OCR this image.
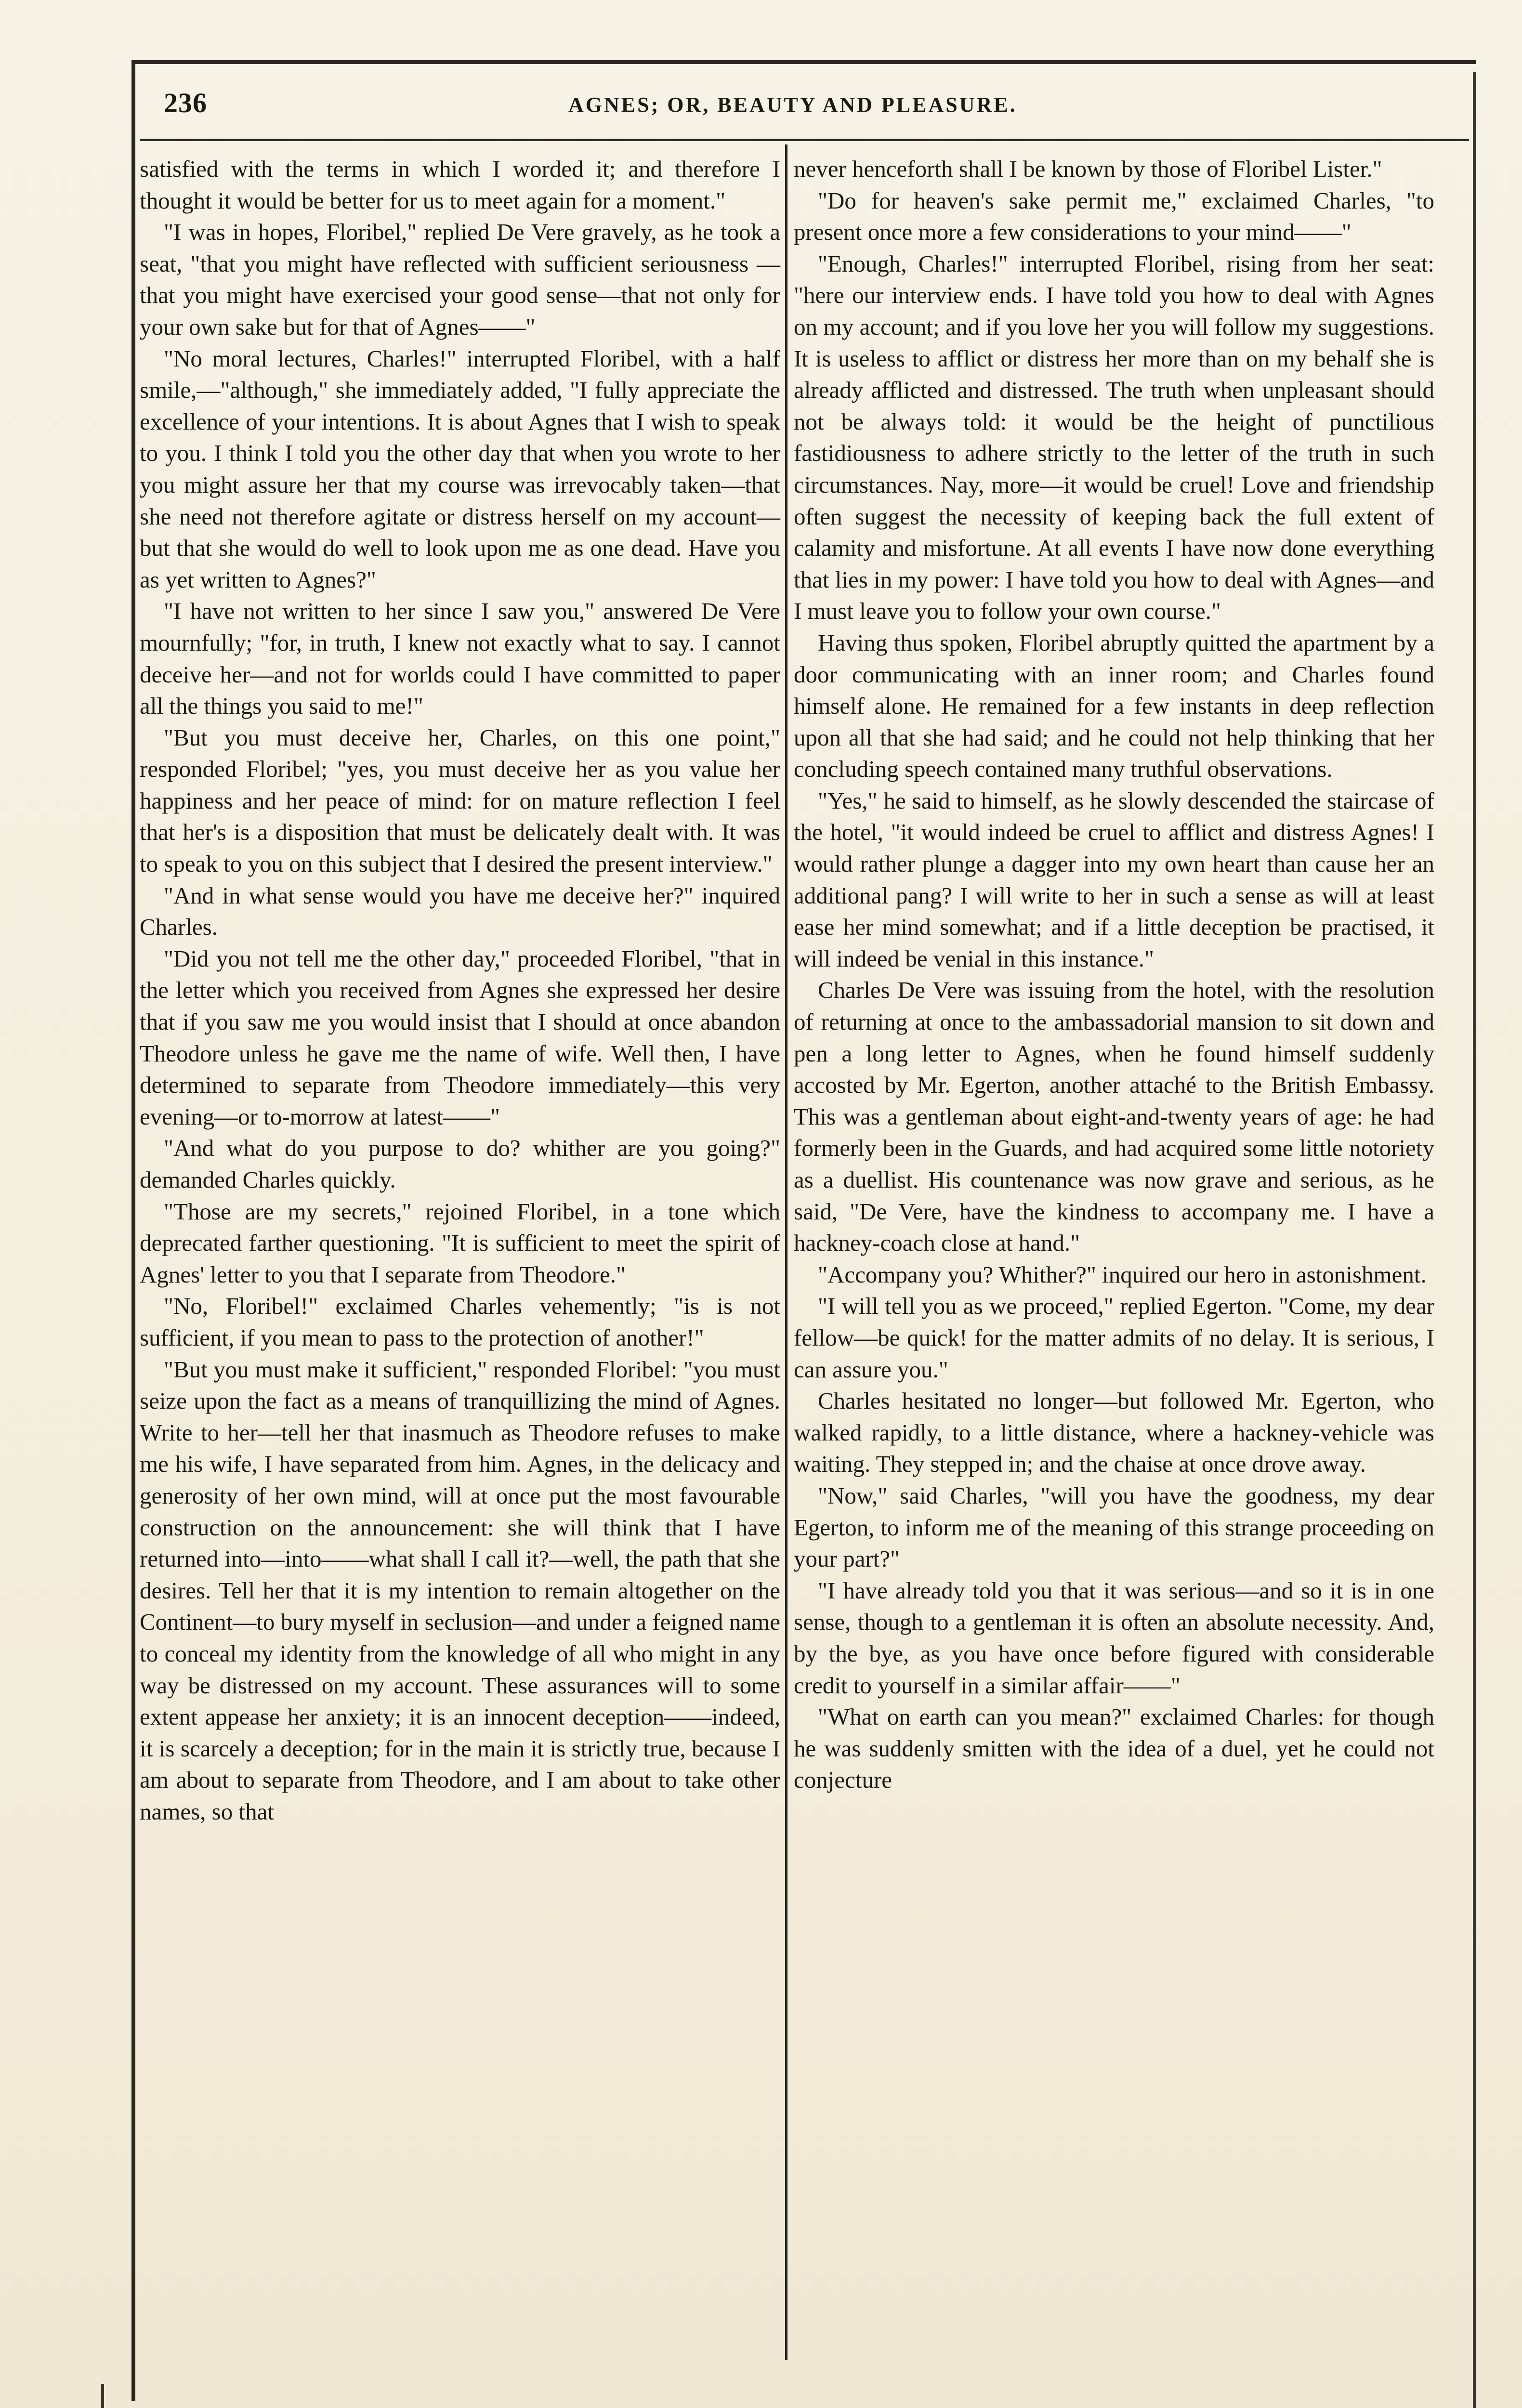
236	AGNES; OR, BEAUTY AND PLEASURE.

satisfied with the terms in which I worded it; and therefore I thought it would be better for us to meet again for a moment."

"I was in hopes, Floribel," replied De Vere gravely, as he took a seat, "that you might have reflected with sufficient seriousness — that you might have exercised your good sense—that not only for your own sake but for that of Agnes——"

"No moral lectures, Charles!" interrupted Floribel, with a half smile,—"although," she immediately added, "I fully appreciate the excellence of your intentions. It is about Agnes that I wish to speak to you. I think I told you the other day that when you wrote to her you might assure her that my course was irrevocably taken—that she need not therefore agitate or distress herself on my account—but that she would do well to look upon me as one dead. Have you as yet written to Agnes?"

"I have not written to her since I saw you," answered De Vere mournfully; "for, in truth, I knew not exactly what to say. I cannot deceive her—and not for worlds could I have committed to paper all the things you said to me!"

"But you must deceive her, Charles, on this one point," responded Floribel; "yes, you must deceive her as you value her happiness and her peace of mind: for on mature reflection I feel that her's is a disposition that must be delicately dealt with. It was to speak to you on this subject that I desired the present interview."

"And in what sense would you have me deceive her?" inquired Charles.

"Did you not tell me the other day," proceeded Floribel, "that in the letter which you received from Agnes she expressed her desire that if you saw me you would insist that I should at once abandon Theodore unless he gave me the name of wife. Well then, I have determined to separate from Theodore immediately—this very evening—or to-morrow at latest——"

"And what do you purpose to do? whither are you going?" demanded Charles quickly.

"Those are my secrets," rejoined Floribel, in a tone which deprecated farther questioning. "It is sufficient to meet the spirit of Agnes' letter to you that I separate from Theodore."

"No, Floribel!" exclaimed Charles vehemently; "is is not sufficient, if you mean to pass to the protection of another!"

"But you must make it sufficient," responded Floribel: "you must seize upon the fact as a means of tranquillizing the mind of Agnes. Write to her—tell her that inasmuch as Theodore refuses to make me his wife, I have separated from him. Agnes, in the delicacy and generosity of her own mind, will at once put the most favourable construction on the announcement: she will think that I have returned into—into——what shall I call it?—well, the path that she desires. Tell her that it is my intention to remain altogether on the Continent—to bury myself in seclusion—and under a feigned name to conceal my identity from the knowledge of all who might in any way be distressed on my account. These assurances will to some extent appease her anxiety; it is an innocent deception——indeed, it is scarcely a deception; for in the main it is strictly true, because I am about to separate from Theodore, and I am about to take other names, so that

never henceforth shall I be known by those of Floribel Lister."

"Do for heaven's sake permit me," exclaimed Charles, "to present once more a few considerations to your mind——"

"Enough, Charles!" interrupted Floribel, rising from her seat: "here our interview ends. I have told you how to deal with Agnes on my account; and if you love her you will follow my suggestions. It is useless to afflict or distress her more than on my behalf she is already afflicted and distressed. The truth when unpleasant should not be always told: it would be the height of punctilious fastidiousness to adhere strictly to the letter of the truth in such circumstances. Nay, more—it would be cruel! Love and friendship often suggest the necessity of keeping back the full extent of calamity and misfortune. At all events I have now done everything that lies in my power: I have told you how to deal with Agnes—and I must leave you to follow your own course."

Having thus spoken, Floribel abruptly quitted the apartment by a door communicating with an inner room; and Charles found himself alone. He remained for a few instants in deep reflection upon all that she had said; and he could not help thinking that her concluding speech contained many truthful observations.

"Yes," he said to himself, as he slowly descended the staircase of the hotel, "it would indeed be cruel to afflict and distress Agnes! I would rather plunge a dagger into my own heart than cause her an additional pang? I will write to her in such a sense as will at least ease her mind somewhat; and if a little deception be practised, it will indeed be venial in this instance."

Charles De Vere was issuing from the hotel, with the resolution of returning at once to the ambassadorial mansion to sit down and pen a long letter to Agnes, when he found himself suddenly accosted by Mr. Egerton, another attaché to the British Embassy. This was a gentleman about eight-and-twenty years of age: he had formerly been in the Guards, and had acquired some little notoriety as a duellist. His countenance was now grave and serious, as he said, "De Vere, have the kindness to accompany me. I have a hackney-coach close at hand."

"Accompany you? Whither?" inquired our hero in astonishment.

"I will tell you as we proceed," replied Egerton. "Come, my dear fellow—be quick! for the matter admits of no delay. It is serious, I can assure you."

Charles hesitated no longer—but followed Mr. Egerton, who walked rapidly, to a little distance, where a hackney-vehicle was waiting. They stepped in; and the chaise at once drove away.

"Now," said Charles, "will you have the goodness, my dear Egerton, to inform me of the meaning of this strange proceeding on your part?"

"I have already told you that it was serious—and so it is in one sense, though to a gentleman it is often an absolute necessity. And, by the bye, as you have once before figured with considerable credit to yourself in a similar affair——"

"What on earth can you mean?" exclaimed Charles: for though he was suddenly smitten with the idea of a duel, yet he could not conjecture
